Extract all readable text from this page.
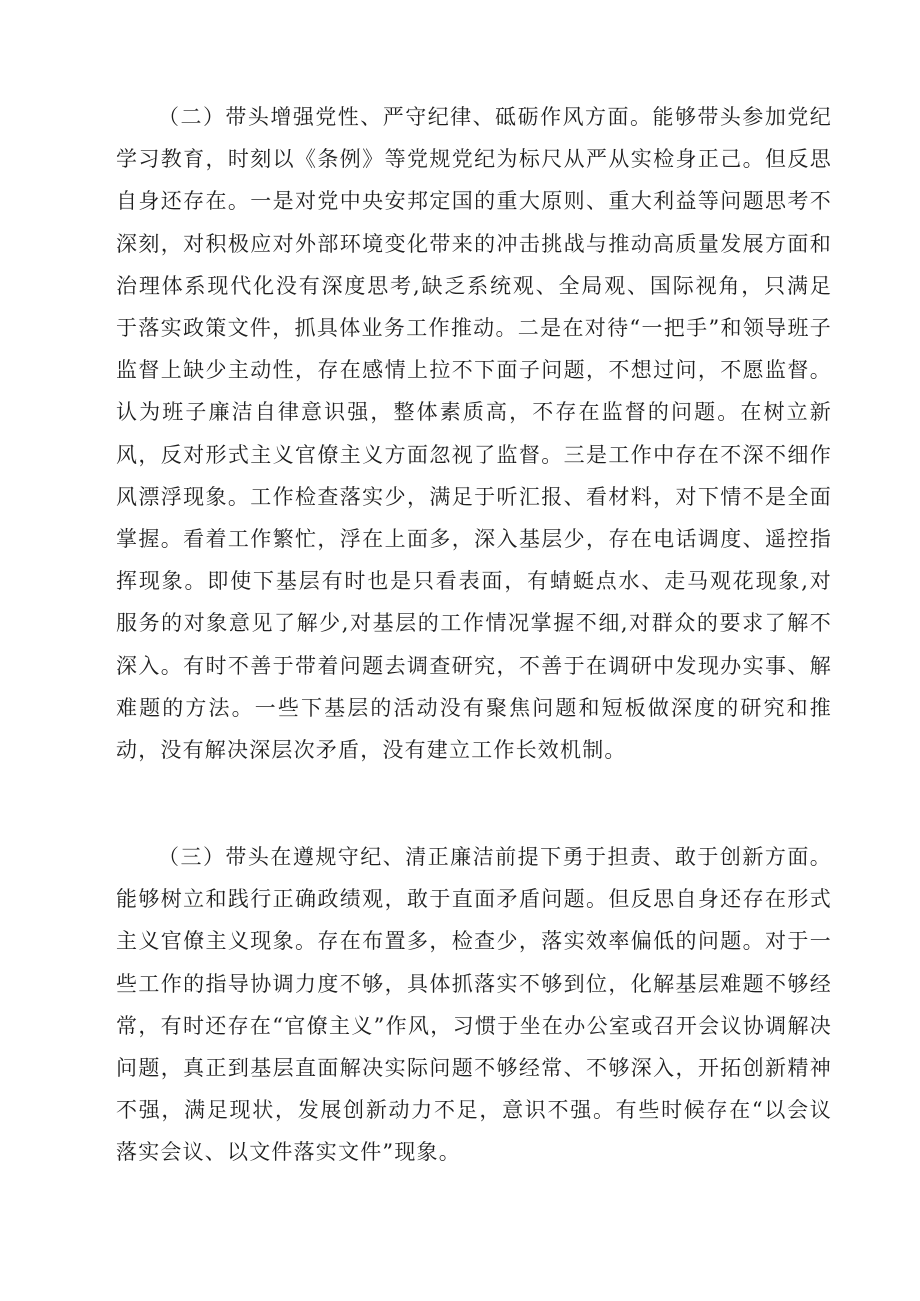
（二）带头增强党性、严守纪律、砥砺作风方面。能够带头参加党纪学习教育，时刻以《条例》等党规党纪为标尺从严从实检身正己。但反思自身还存在。一是对党中央安邦定国的重大原则、重大利益等问题思考不深刻，对积极应对外部环境变化带来的冲击挑战与推动高质量发展方面和治理体系现代化没有深度思考,缺乏系统观、全局观、国际视角，只满足于落实政策文件，抓具体业务工作推动。二是在对待“一把手”和领导班子监督上缺少主动性，存在感情上拉不下面子问题，不想过问，不愿监督。认为班子廉洁自律意识强，整体素质高，不存在监督的问题。在树立新风，反对形式主义官僚主义方面忽视了监督。三是工作中存在不深不细作风漂浮现象。工作检查落实少，满足于听汇报、看材料，对下情不是全面掌握。看着工作繁忙，浮在上面多，深入基层少，存在电话调度、遥控指挥现象。即使下基层有时也是只看表面，有蜻蜓点水、走马观花现象,对服务的对象意见了解少,对基层的工作情况掌握不细,对群众的要求了解不深入。有时不善于带着问题去调查研究，不善于在调研中发现办实事、解难题的方法。一些下基层的活动没有聚焦问题和短板做深度的研究和推动，没有解决深层次矛盾，没有建立工作长效机制。

（三）带头在遵规守纪、清正廉洁前提下勇于担责、敢于创新方面。能够树立和践行正确政绩观，敢于直面矛盾问题。但反思自身还存在形式主义官僚主义现象。存在布置多，检查少，落实效率偏低的问题。对于一些工作的指导协调力度不够，具体抓落实不够到位，化解基层难题不够经常，有时还存在“官僚主义”作风，习惯于坐在办公室或召开会议协调解决问题，真正到基层直面解决实际问题不够经常、不够深入，开拓创新精神不强，满足现状，发展创新动力不足，意识不强。有些时候存在“以会议落实会议、以文件落实文件”现象。
